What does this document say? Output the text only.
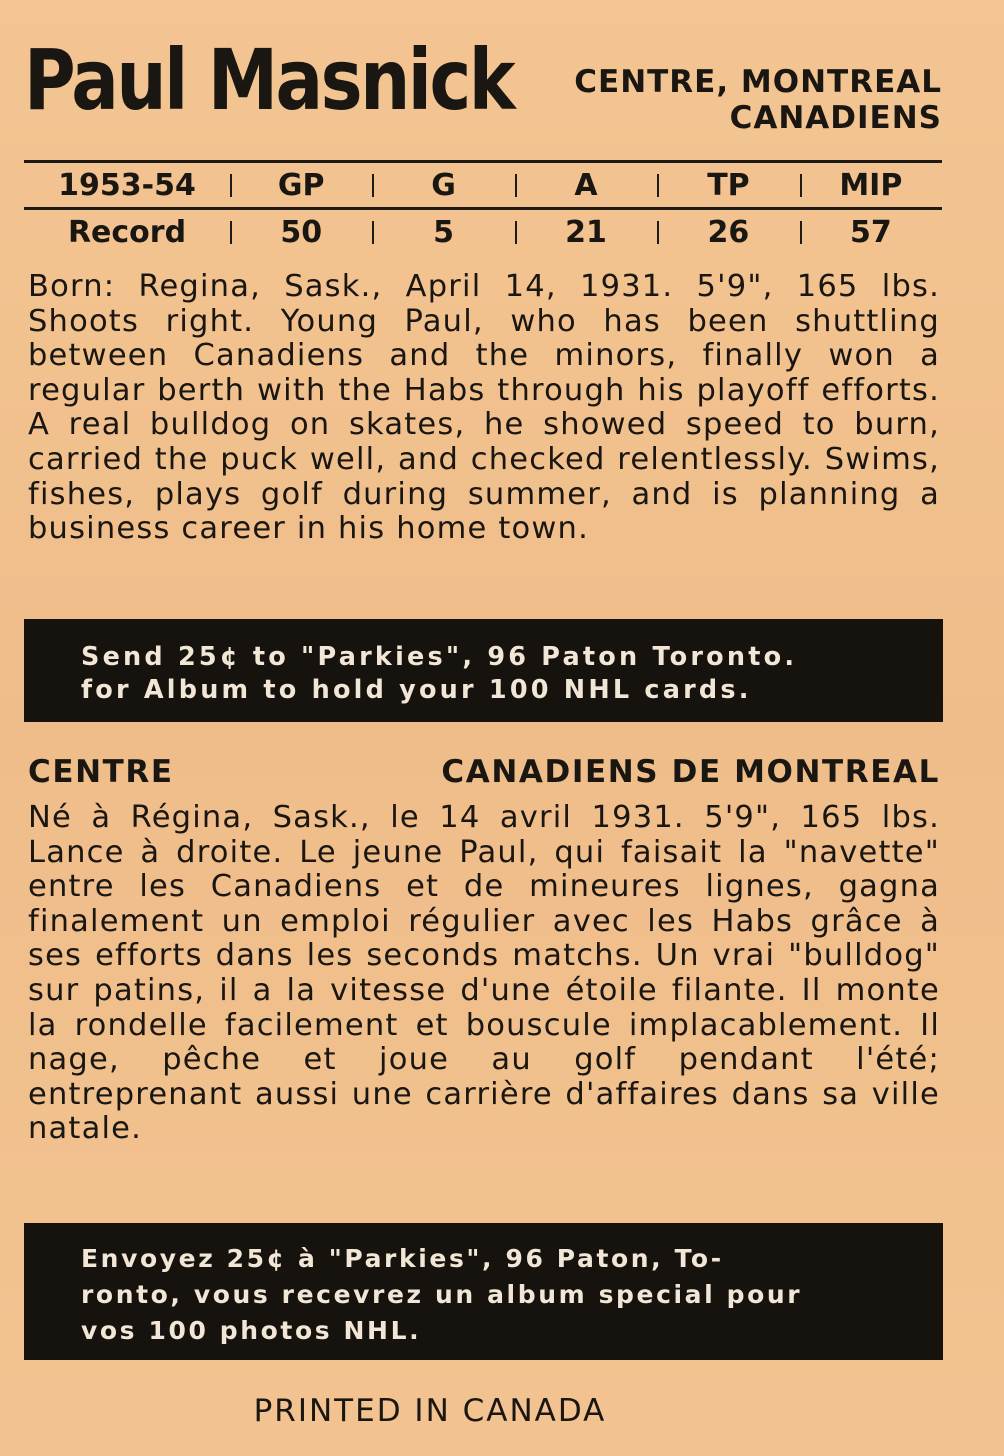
Paul Masnick	CENTRE, MONTREAL
CANADIENS
1953-54	GP	G	A	TP	MIP
Record	50	5	21	26	57

Born: Regina, Sask., April 14, 1931. 5'9", 165 lbs. Shoots right. Young Paul, who has been shuttling between Canadiens and the minors, finally won a regular berth with the Habs through his playoff efforts. A real bulldog on skates, he showed speed to burn, carried the puck well, and checked relentlessly. Swims, fishes, plays golf during summer, and is planning a business career in his home town.

Send 25¢ to "Parkies", 96 Paton Toronto.
for Album to hold your 100 NHL cards.
CENTRE	CANADIENS DE MONTREAL

Né à Régina, Sask., le 14 avril 1931. 5'9", 165 lbs. Lance à droite. Le jeune Paul, qui faisait la "navette" entre les Canadiens et de mineures lignes, gagna finalement un emploi régulier avec les Habs grâce à ses efforts dans les seconds matchs. Un vrai "bulldog" sur patins, il a la vitesse d'une étoile filante. Il monte la rondelle facilement et bouscule implacablement. Il nage, pêche et joue au golf pendant l'été; entreprenant aussi une carrière d'affaires dans sa ville natale.

Envoyez 25¢ à "Parkies", 96 Paton, To-
ronto, vous recevrez un album special pour
vos 100 photos NHL.
PRINTED IN CANADA
